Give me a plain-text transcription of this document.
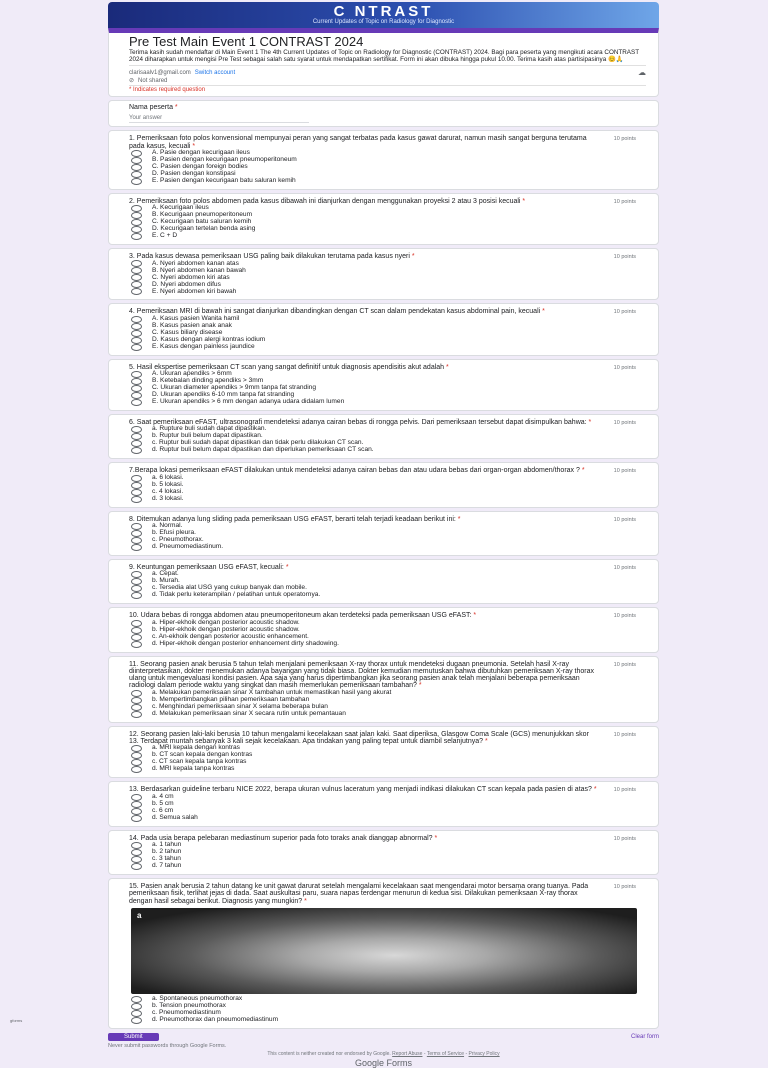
C NTRAST
Current Updates of Topic on Radiology for Diagnostic
Pre Test Main Event 1 CONTRAST 2024
Terima kasih sudah mendaftar di Main Event 1 The 4th Current Updates of Topic on Radiology for Diagnostic (CONTRAST) 2024. Bagi para peserta yang mengikuti acara CONTRAST 2024 diharapkan untuk mengisi Pre Test sebagai salah satu syarat untuk mendapatkan sertifikat. Form ini akan dibuka hingga pukul 10.00. Terima kasih atas partisipasinya 😊🙏
clarisaalv1@gmail.com Switch account	☁
⊘ Not shared
* Indicates required question
Nama peserta *
Your answer
1. Pemeriksaan foto polos konvensional mempunyai peran yang sangat terbatas pada kasus gawat darurat, namun masih sangat berguna terutama pada kasus, kecuali *
10 points
A. Pasie dengan kecurigaan ileus
B. Pasien dengan kecurigaan pneumoperitoneum
C. Pasien dengan foreign bodies
D. Pasien dengan konstipasi
E. Pasien dengan kecurigaan batu saluran kemih
2. Pemeriksaan foto polos abdomen pada kasus dibawah ini dianjurkan dengan menggunakan proyeksi 2 atau 3 posisi kecuali *	10 points
A. Kecurigaan ileus
B. Kecurigaan pneumoperitoneum
C. Kecurigaan batu saluran kemih
D. Kecurigaan tertelan benda asing
E. C + D
3. Pada kasus dewasa pemeriksaan USG paling baik dilakukan terutama pada kasus nyeri *	10 points
A. Nyeri abdomen kanan atas
B. Nyeri abdomen kanan bawah
C. Nyeri abdomen kiri atas
D. Nyeri abdomen difus
E. Nyeri abdomen kiri bawah
4. Pemeriksaan MRI di bawah ini sangat dianjurkan dibandingkan dengan CT scan dalam pendekatan kasus abdominal pain, kecuali *	10 points
A. Kasus pasien Wanita hamil
B. Kasus pasien anak anak
C. Kasus biliary disease
D. Kasus dengan alergi kontras iodium
E. Kasus dengan painless jaundice
5. Hasil ekspertise pemeriksaan CT scan yang sangat definitif untuk diagnosis apendisitis akut adalah *	10 points
A. Ukuran apendiks > 6mm
B. Ketebalan dinding apendiks > 3mm
C. Ukuran diameter apendiks > 9mm tanpa fat stranding
D. Ukuran apendiks 6-10 mm tanpa fat stranding
E. Ukuran apendiks > 6 mm dengan adanya udara didalam lumen
6. Saat pemeriksaan eFAST, ultrasonografi mendeteksi adanya cairan bebas di rongga pelvis. Dari pemeriksaan tersebut dapat disimpulkan bahwa: *	10 points
a. Rupture buli sudah dapat dipastikan.
b. Ruptur buli belum dapat dipastikan.
c. Ruptur buli sudah dapat dipastikan dan tidak perlu dilakukan CT scan.
d. Ruptur buli belum dapat dipastikan dan diperlukan pemeriksaan CT scan.
7.Berapa lokasi pemeriksaan eFAST dilakukan untuk mendeteksi adanya cairan bebas dan atau udara bebas dari organ-organ abdomen/thorax ? *	10 points
a. 6 lokasi.
b. 5 lokasi.
c. 4 lokasi.
d. 3 lokasi.
8. Ditemukan adanya lung sliding pada pemeriksaan USG eFAST, berarti telah terjadi keadaan berikut ini: *	10 points
a. Normal.
b. Efusi pleura.
c. Pneumothorax.
d. Pneumomediastinum.
9. Keuntungan pemeriksaan USG eFAST, kecuali: *	10 points
a. Cepat.
b. Murah.
c. Tersedia alat USG yang cukup banyak dan mobile.
d. Tidak perlu keterampilan / pelatihan untuk operatornya.
10. Udara bebas di rongga abdomen atau pneumoperitoneum akan terdeteksi pada pemeriksaan USG eFAST: *	10 points
a. Hiper-ekhoik dengan posterior acoustic shadow.
b. Hiper-ekhoik dengan posterior acoustic shadow.
c. An-ekhoik dengan posterior acoustic enhancement.
d. Hiper-ekhoik dengan posterior enhancement dirty shadowing.
11. Seorang pasien anak berusia 5 tahun telah menjalani pemeriksaan X-ray thorax untuk mendeteksi dugaan pneumonia. Setelah hasil X-ray diinterpretasikan, dokter menemukan adanya bayangan yang tidak biasa. Dokter kemudian memutuskan bahwa dibutuhkan pemeriksaan X-ray thorax ulang untuk mengevaluasi kondisi pasien. Apa saja yang harus dipertimbangkan jika seorang pasien anak telah menjalani beberapa pemeriksaan radiologi dalam periode waktu yang singkat dan masih memerlukan pemeriksaan tambahan? *
10 points
a. Melakukan pemeriksaan sinar X tambahan untuk memastikan hasil yang akurat
b. Mempertimbangkan pilihan pemeriksaan tambahan
c. Menghindari pemeriksaan sinar X selama beberapa bulan
d. Melakukan pemeriksaan sinar X secara rutin untuk pemantauan
12. Seorang pasien laki-laki berusia 10 tahun mengalami kecelakaan saat jalan kaki. Saat diperiksa, Glasgow Coma Scale (GCS) menunjukkan skor 13. Terdapat muntah sebanyak 3 kali sejak kecelakaan. Apa tindakan yang paling tepat untuk diambil selanjutnya? *
10 points
a. MRI kepala dengan kontras
b. CT scan kepala dengan kontras
c. CT scan kepala tanpa kontras
d. MRI kepala tanpa kontras
13. Berdasarkan guideline terbaru NICE 2022, berapa ukuran vulnus laceratum yang menjadi indikasi dilakukan CT scan kepala pada pasien di atas? *	10 points
a. 4 cm
b. 5 cm
c. 6 cm
d. Semua salah
14. Pada usia berapa pelebaran mediastinum superior pada foto toraks anak dianggap abnormal? *	10 points
a. 1 tahun
b. 2 tahun
c. 3 tahun
d. 7 tahun
15. Pasien anak berusia 2 tahun datang ke unit gawat darurat setelah mengalami kecelakaan saat mengendarai motor bersama orang tuanya. Pada pemeriksaan fisik, terlihat jejas di dada. Saat auskultasi paru, suara napas terdengar menurun di kedua sisi. Dilakukan pemeriksaan X-ray thorax dengan hasil sebagai berikut. Diagnosis yang mungkin? *
10 points
a
a. Spontaneous pneumothorax
b. Tension pneumothorax
c. Pneumomediastinum
d. Pneumothorax dan pneumomediastinum
Submit	Clear form
Never submit passwords through Google Forms.
This content is neither created nor endorsed by Google. Report Abuse - Terms of Service - Privacy Policy
Google Forms
gforms
